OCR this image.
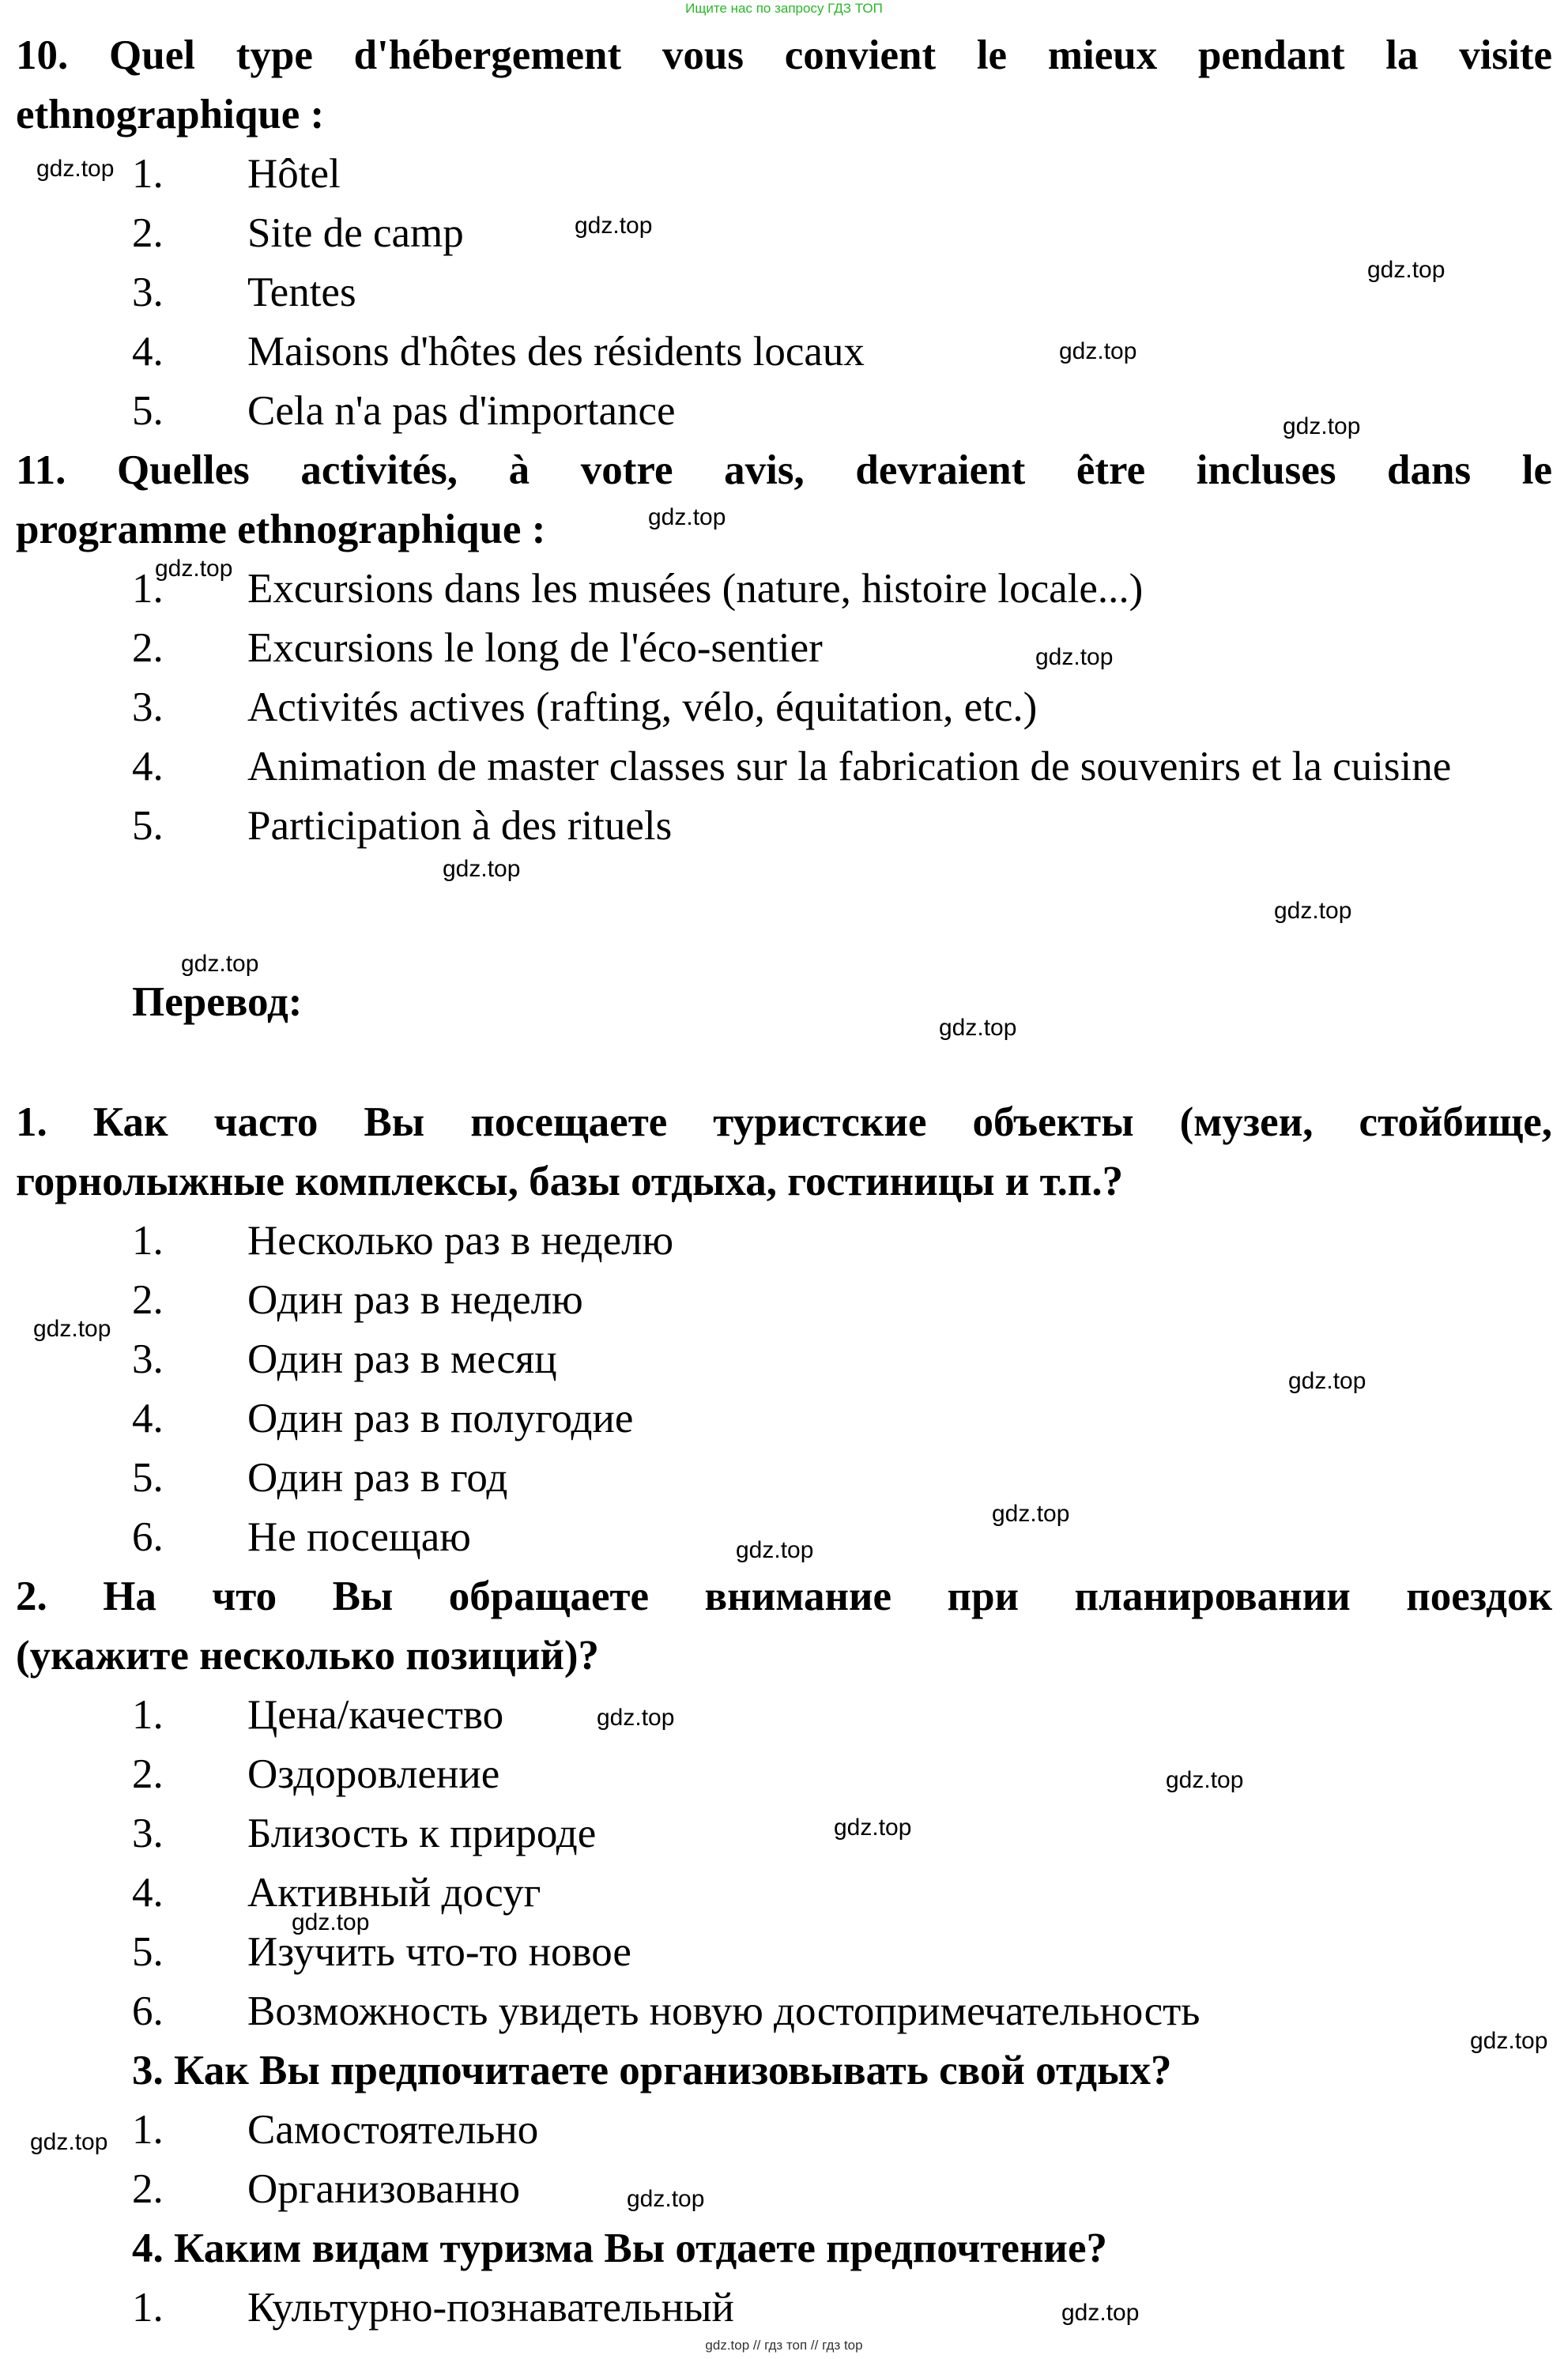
Ищите нас по запросу ГДЗ ТОП
10. Quel type d'hébergement vous convient le mieux pendant la visite
ethnographique :
1. Hôtel
2. Site de camp
3. Tentes
4. Maisons d'hôtes des résidents locaux
5. Cela n'a pas d'importance
11. Quelles activités, à votre avis, devraient être incluses dans le
programme ethnographique :
1. Excursions dans les musées (nature, histoire locale...)
2. Excursions le long de l'éco-sentier
3. Activités actives (rafting, vélo, équitation, etc.)
4. Animation de master classes sur la fabrication de souvenirs et la cuisine
5. Participation à des rituels
Перевод:
1. Как часто Вы посещаете туристские объекты (музеи, стойбище,
горнолыжные комплексы, базы отдыха, гостиницы и т.п.?
1. Несколько раз в неделю
2. Один раз в неделю
3. Один раз в месяц
4. Один раз в полугодие
5. Один раз в год
6. Не посещаю
2. На что Вы обращаете внимание при планировании поездок
(укажите несколько позиций)?
1. Цена/качество
2. Оздоровление
3. Близость к природе
4. Активный досуг
5. Изучить что-то новое
6. Возможность увидеть новую достопримечательность
3. Как Вы предпочитаете организовывать свой отдых?
1. Самостоятельно
2. Организованно
4. Каким видам туризма Вы отдаете предпочтение?
1. Культурно-познавательный
gdz.top
gdz.top
gdz.top
gdz.top
gdz.top
gdz.top
gdz.top
gdz.top
gdz.top
gdz.top
gdz.top
gdz.top
gdz.top
gdz.top
gdz.top
gdz.top
gdz.top
gdz.top
gdz.top
gdz.top
gdz.top
gdz.top
gdz.top
gdz.top
gdz.top // гдз топ // гдз top
